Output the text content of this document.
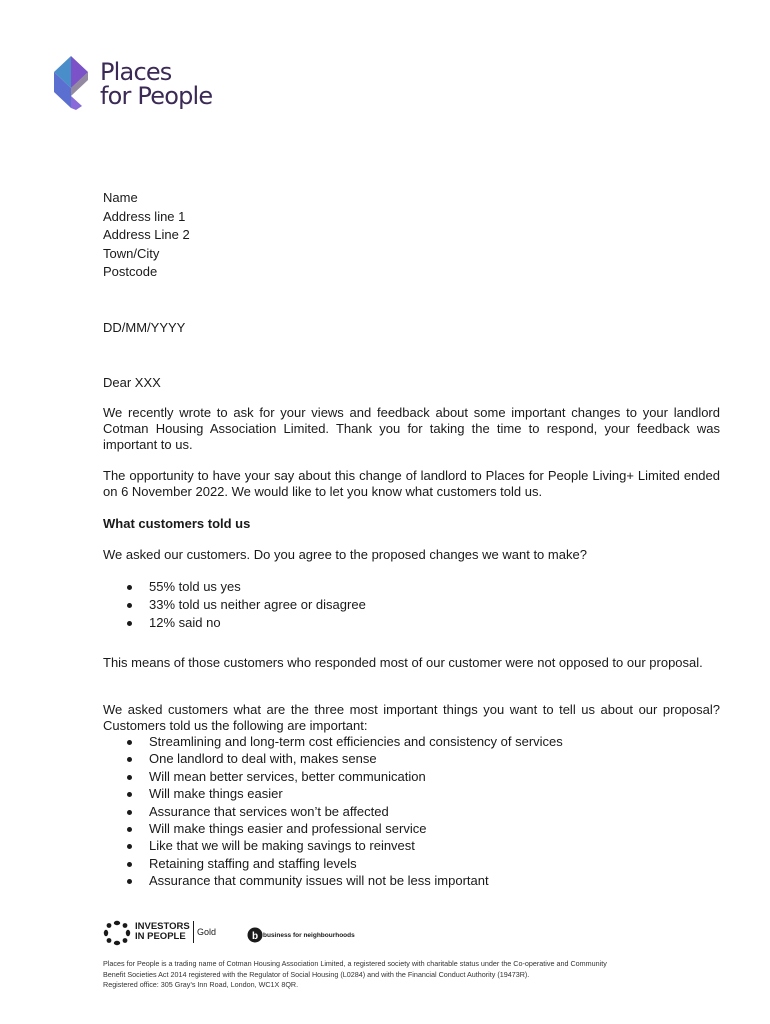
Places
for People
Name
Address line 1
Address Line 2
Town/City
Postcode
DD/MM/YYYY
Dear XXX
We recently wrote to ask for your views and feedback about some important changes to your landlord Cotman Housing Association Limited. Thank you for taking the time to respond, your feedback was important to us.
The opportunity to have your say about this change of landlord to Places for People Living+ Limited ended on 6 November 2022. We would like to let you know what customers told us.
What customers told us
We asked our customers. Do you agree to the proposed changes we want to make?
55% told us yes
33% told us neither agree or disagree
12% said no
This means of those customers who responded most of our customer were not opposed to our proposal.
We asked customers what are the three most important things you want to tell us about our proposal? Customers told us the following are important:
Streamlining and long-term cost efficiencies and consistency of services
One landlord to deal with, makes sense
Will mean better services, better communication
Will make things easier
Assurance that services won’t be affected
Will make things easier and professional service
Like that we will be making savings to reinvest
Retaining staffing and staffing levels
Assurance that community issues will not be less important
INVESTORS
IN PEOPLE	Gold	b business for neighbourhoods
Places for People is a trading name of Cotman Housing Association Limited, a registered society with charitable status under the Co-operative and Community
Benefit Societies Act 2014 registered with the Regulator of Social Housing (L0284) and with the Financial Conduct Authority (19473R).
Registered office: 305 Gray’s Inn Road, London, WC1X 8QR.
